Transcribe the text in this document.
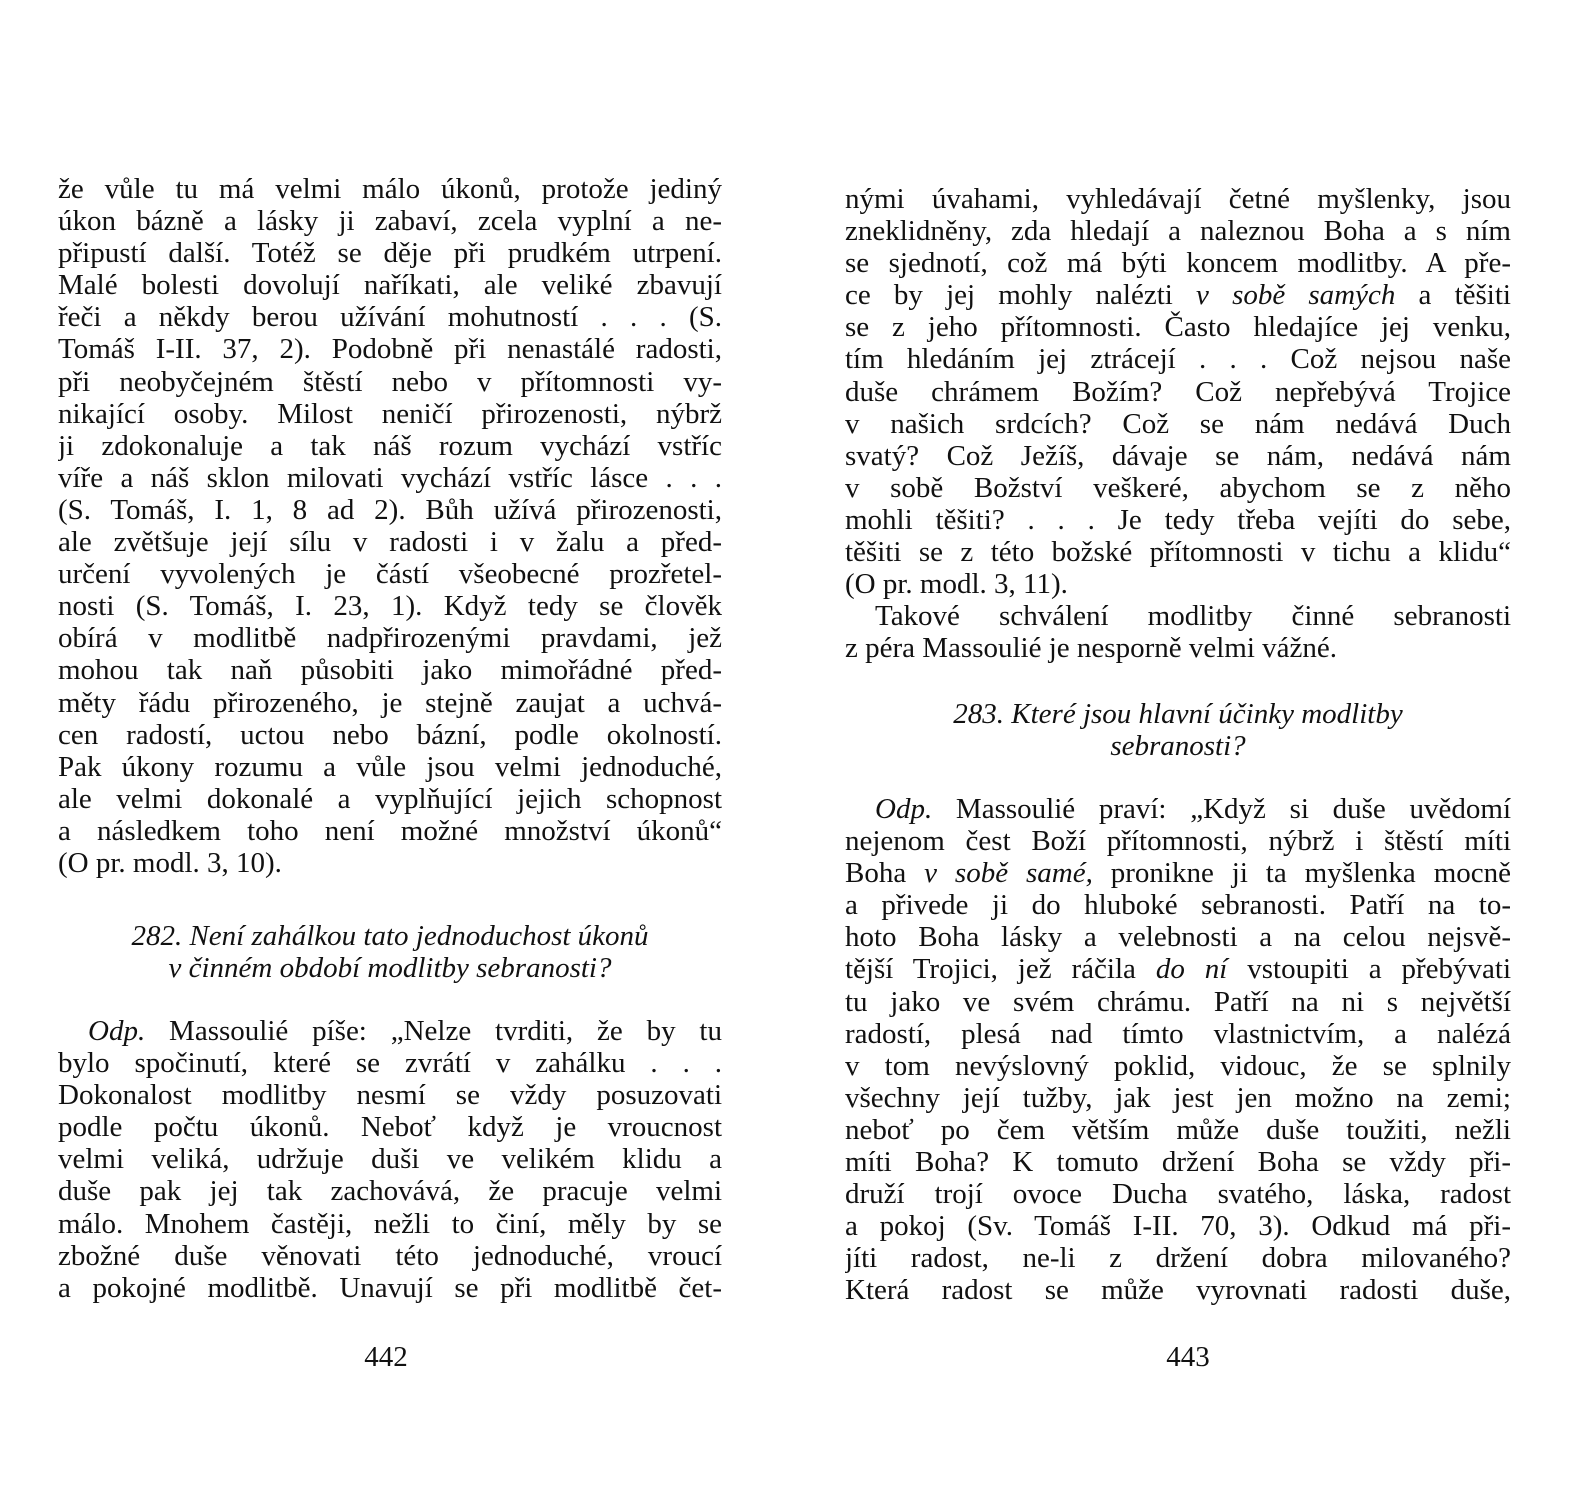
že vůle tu má velmi málo úkonů, protože jediný
úkon bázně a lásky ji zabaví, zcela vyplní a ne-
připustí další. Totéž se děje při prudkém utrpení.
Malé bolesti dovolují naříkati, ale veliké zbavují
řeči a někdy berou užívání mohutností . . . (S.
Tomáš I-II. 37, 2). Podobně při nenastálé radosti,
při neobyčejném štěstí nebo v přítomnosti vy-
nikající osoby. Milost neničí přirozenosti, nýbrž
ji zdokonaluje a tak náš rozum vychází vstříc
víře a náš sklon milovati vychází vstříc lásce . . .
(S. Tomáš, I. 1, 8 ad 2). Bůh užívá přirozenosti,
ale zvětšuje její sílu v radosti i v žalu a před-
určení vyvolených je částí všeobecné prozřetel-
nosti (S. Tomáš, I. 23, 1). Když tedy se člověk
obírá v modlitbě nadpřirozenými pravdami, jež
mohou tak naň působiti jako mimořádné před-
měty řádu přirozeného, je stejně zaujat a uchvá-
cen radostí, uctou nebo bázní, podle okolností.
Pak úkony rozumu a vůle jsou velmi jednoduché,
ale velmi dokonalé a vyplňující jejich schopnost
a následkem toho není možné množství úkonů“
(O pr. modl. 3, 10).
282. Není zahálkou tato jednoduchost úkonů
v činném období modlitby sebranosti?
Odp. Massoulié píše: „Nelze tvrditi, že by tu
bylo spočinutí, které se zvrátí v zahálku . . .
Dokonalost modlitby nesmí se vždy posuzovati
podle počtu úkonů. Neboť když je vroucnost
velmi veliká, udržuje duši ve velikém klidu a
duše pak jej tak zachovává, že pracuje velmi
málo. Mnohem častěji, nežli to činí, měly by se
zbožné duše věnovati této jednoduché, vroucí
a pokojné modlitbě. Unavují se při modlitbě čet-
442
nými úvahami, vyhledávají četné myšlenky, jsou
zneklidněny, zda hledají a naleznou Boha a s ním
se sjednotí, což má býti koncem modlitby. A pře-
ce by jej mohly nalézti v sobě samých a těšiti
se z jeho přítomnosti. Často hledajíce jej venku,
tím hledáním jej ztrácejí . . . Což nejsou naše
duše chrámem Božím? Což nepřebývá Trojice
v našich srdcích? Což se nám nedává Duch
svatý? Což Ježíš, dávaje se nám, nedává nám
v sobě Božství veškeré, abychom se z něho
mohli těšiti? . . . Je tedy třeba vejíti do sebe,
těšiti se z této božské přítomnosti v tichu a klidu“
(O pr. modl. 3, 11).
Takové schválení modlitby činné sebranosti
z péra Massoulié je nesporně velmi vážné.
283. Které jsou hlavní účinky modlitby
sebranosti?
Odp. Massoulié praví: „Když si duše uvědomí
nejenom čest Boží přítomnosti, nýbrž i štěstí míti
Boha v sobě samé, pronikne ji ta myšlenka mocně
a přivede ji do hluboké sebranosti. Patří na to-
hoto Boha lásky a velebnosti a na celou nejsvě-
tější Trojici, jež ráčila do ní vstoupiti a přebývati
tu jako ve svém chrámu. Patří na ni s největší
radostí, plesá nad tímto vlastnictvím, a nalézá
v tom nevýslovný poklid, vidouc, že se splnily
všechny její tužby, jak jest jen možno na zemi;
neboť po čem větším může duše toužiti, nežli
míti Boha? K tomuto držení Boha se vždy při-
druží trojí ovoce Ducha svatého, láska, radost
a pokoj (Sv. Tomáš I-II. 70, 3). Odkud má při-
jíti radost, ne-li z držení dobra milovaného?
Která radost se může vyrovnati radosti duše,
443
